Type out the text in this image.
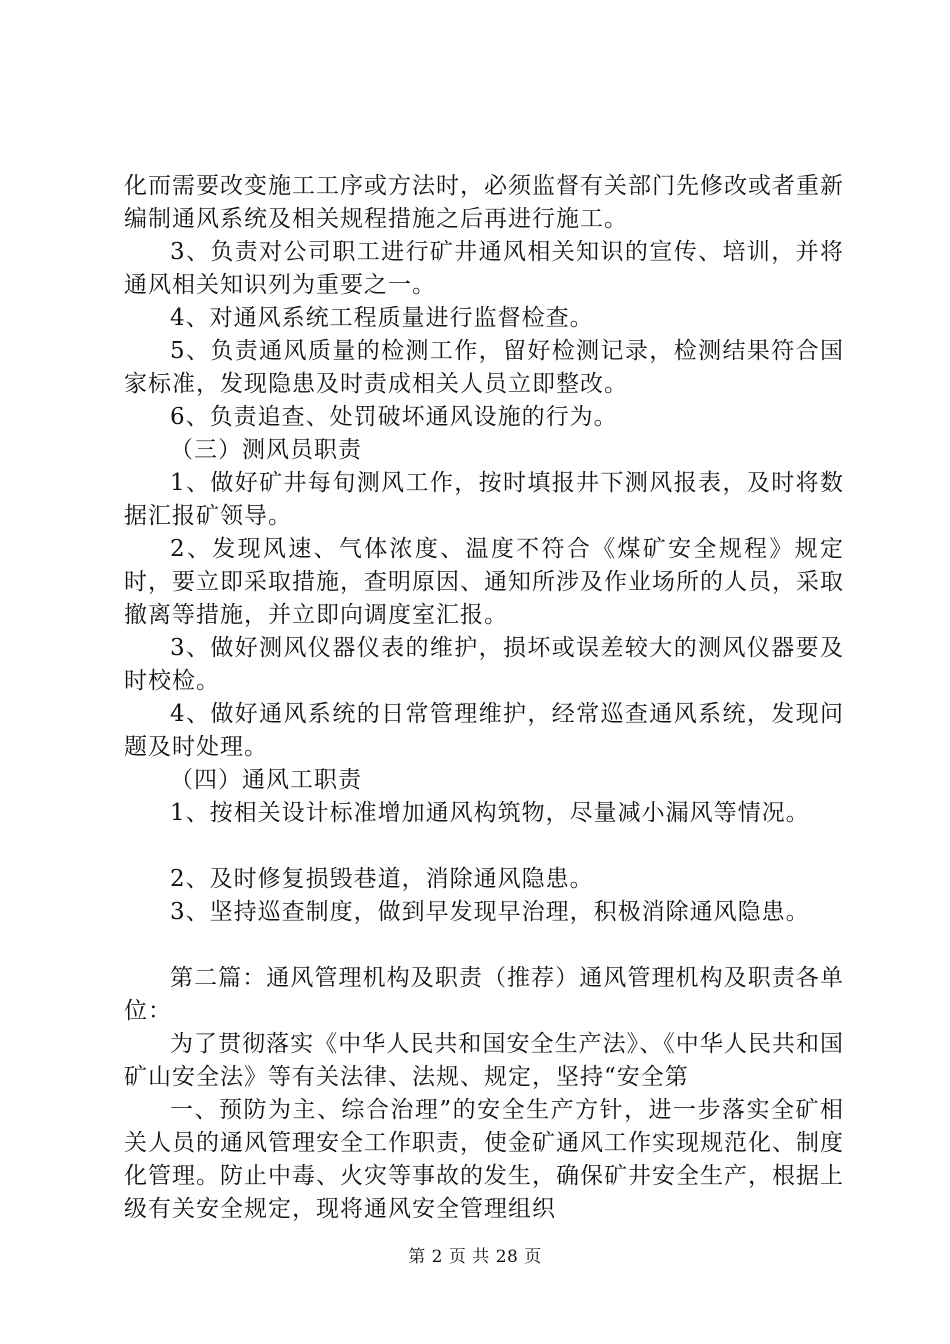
化而需要改变施工工序或方法时，必须监督有关部门先修改或者重新编制通风系统及相关规程措施之后再进行施工。

3、负责对公司职工进行矿井通风相关知识的宣传、培训，并将通风相关知识列为重要之一。

4、对通风系统工程质量进行监督检查。

5、负责通风质量的检测工作，留好检测记录，检测结果符合国家标准，发现隐患及时责成相关人员立即整改。

6、负责追查、处罚破坏通风设施的行为。

（三）测风员职责

1、做好矿井每旬测风工作，按时填报井下测风报表，及时将数据汇报矿领导。

2、发现风速、气体浓度、温度不符合《煤矿安全规程》规定时，要立即采取措施，查明原因、通知所涉及作业场所的人员，采取撤离等措施，并立即向调度室汇报。

3、做好测风仪器仪表的维护，损坏或误差较大的测风仪器要及时校检。

4、做好通风系统的日常管理维护，经常巡查通风系统，发现问题及时处理。

（四）通风工职责

1、按相关设计标准增加通风构筑物，尽量减小漏风等情况。

2、及时修复损毁巷道，消除通风隐患。

3、坚持巡查制度，做到早发现早治理，积极消除通风隐患。

第二篇：通风管理机构及职责（推荐）通风管理机构及职责各单位：

为了贯彻落实《中华人民共和国安全生产法》、《中华人民共和国矿山安全法》等有关法律、法规、规定，坚持“安全第

一、预防为主、综合治理”的安全生产方针，进一步落实全矿相关人员的通风管理安全工作职责，使金矿通风工作实现规范化、制度化管理。防止中毒、火灾等事故的发生，确保矿井安全生产，根据上级有关安全规定，现将通风安全管理组织

第 2 页 共 28 页
